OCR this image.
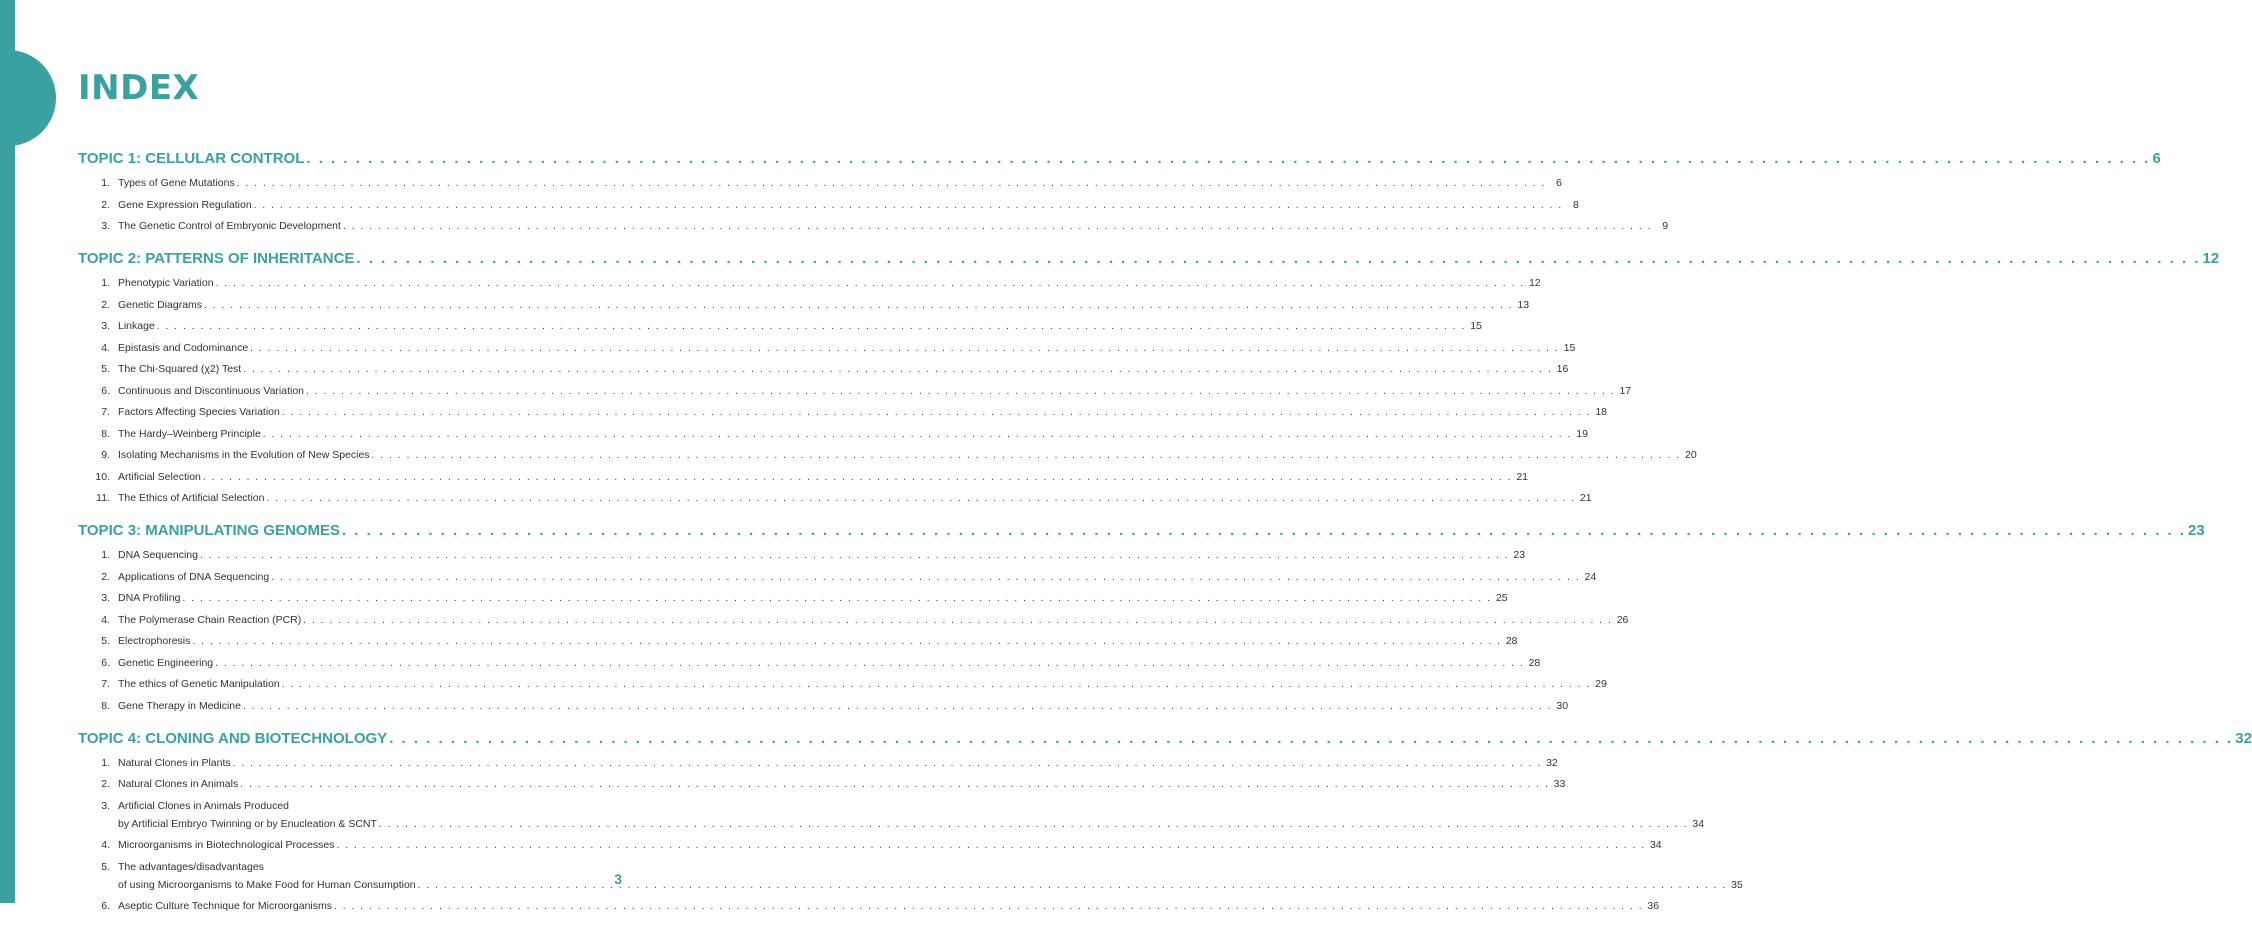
INDEX
TOPIC 1: CELLULAR CONTROL . . .	6
1. Types of Gene Mutations . . .	6
2. Gene Expression Regulation . . .	8
3. The Genetic Control of Embryonic Development . . .	9
TOPIC 2: PATTERNS OF INHERITANCE . . .	12
1. Phenotypic Variation . . .	12
2. Genetic Diagrams . . .	13
3. Linkage . . .	15
4. Epistasis and Codominance . . .	15
5. The Chi-Squared (χ2) Test . . .	16
6. Continuous and Discontinuous Variation . . .	17
7. Factors Affecting Species Variation . . .	18
8. The Hardy–Weinberg Principle . . .	19
9. Isolating Mechanisms in the Evolution of New Species . . .	20
10. Artificial Selection . . .	21
11. The Ethics of Artificial Selection . . .	21
TOPIC 3: MANIPULATING GENOMES . . .	23
1. DNA Sequencing . . .	23
2. Applications of DNA Sequencing . . .	24
3. DNA Profiling . . .	25
4. The Polymerase Chain Reaction (PCR) . . .	26
5. Electrophoresis . . .	28
6. Genetic Engineering . . .	28
7. The ethics of Genetic Manipulation . . .	29
8. Gene Therapy in Medicine . . .	30
TOPIC 4: CLONING AND BIOTECHNOLOGY . . .	32
1. Natural Clones in Plants . . .	32
2. Natural Clones in Animals . . .	33
3. Artificial Clones in Animals Produced
by Artificial Embryo Twinning or by Enucleation & SCNT . . .	34
4. Microorganisms in Biotechnological Processes . . .	34
5. The advantages/disadvantages
of using Microorganisms to Make Food for Human Consumption . . .	35
6. Aseptic Culture Technique for Microorganisms . . .	36
3
